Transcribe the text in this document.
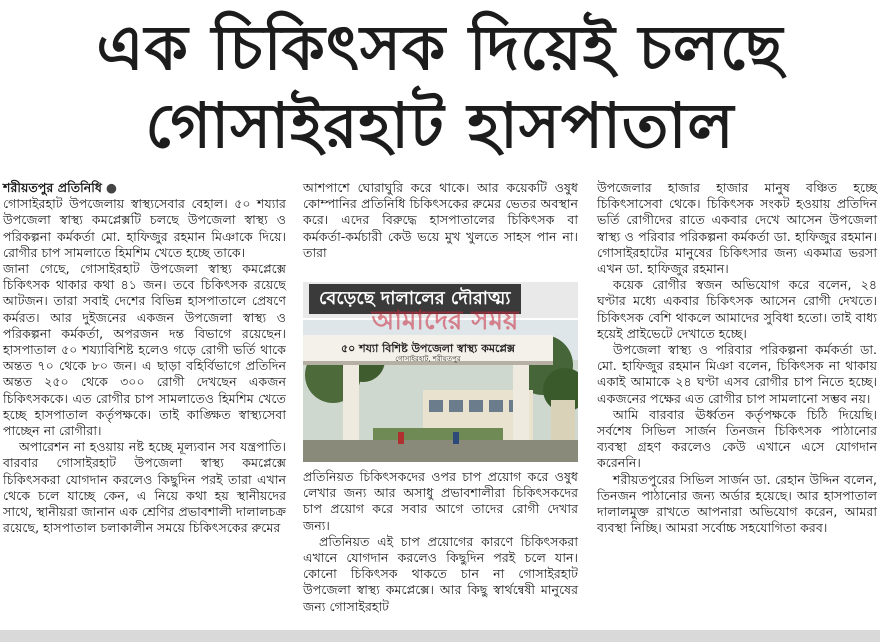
এক চিকিৎসক দিয়েই চলছে
গোসাইরহাট হাসপাতাল

শরীয়তপুর প্রতিনিধি ●

গোসাইরহাট উপজেলায় স্বাস্থ্যসেবার বেহাল। ৫০ শয্যার উপজেলা স্বাস্থ্য কমপ্লেক্সটি চলছে উপজেলা স্বাস্থ্য ও পরিকল্পনা কর্মকর্তা মো. হাফিজুর রহমান মিঞাকে দিয়ে। রোগীর চাপ সামলাতে হিমশিম খেতে হচ্ছে তাকে।

জানা গেছে, গোসাইরহাট উপজেলা স্বাস্থ্য কমপ্লেক্সে চিকিৎসক থাকার কথা ৪১ জন। তবে চিকিৎসক রয়েছে আটজন। তারা সবাই দেশের বিভিন্ন হাসপাতালে প্রেষণে কর্মরত। আর দুইজনের একজন উপজেলা স্বাস্থ্য ও পরিকল্পনা কর্মকর্তা, অপরজন দন্ত বিভাগে রয়েছেন। হাসপাতাল ৫০ শয্যাবিশিষ্ট হলেও গড়ে রোগী ভর্তি থাকে অন্তত ৭০ থেকে ৮০ জন। এ ছাড়া বহির্বিভাগে প্রতিদিন অন্তত ২৫০ থেকে ৩০০ রোগী দেখছেন একজন চিকিৎসককে। এত রোগীর চাপ সামলাতেও হিমশিম খেতে হচ্ছে হাসপাতাল কর্তৃপক্ষকে। তাই কাঙ্ক্ষিত স্বাস্থ্যসেবা পাচ্ছেন না রোগীরা।

অপারেশন না হওয়ায় নষ্ট হচ্ছে মূল্যবান সব যন্ত্রপাতি। বারবার গোসাইরহাট উপজেলা স্বাস্থ্য কমপ্লেক্সে চিকিৎসকরা যোগদান করলেও কিছুদিন পরই তারা এখান থেকে চলে যাচ্ছে কেন, এ নিয়ে কথা হয় স্থানীয়দের সাথে, স্থানীয়রা জানান এক শ্রেণির প্রভাবশালী দালালচক্র রয়েছে, হাসপাতাল চলাকালীন সময়ে চিকিৎসকের রুমের

আশপাশে ঘোরাঘুরি করে থাকে। আর কয়েকটি ওষুধ কোম্পানির প্রতিনিধি চিকিৎসকের রুমের ভেতর অবস্থান করে। এদের বিরুদ্ধে হাসপাতালের চিকিৎসক বা কর্মকর্তা-কর্মচারী কেউ ভয়ে মুখ খুলতে সাহস পান না। তারা

বেড়েছে দালালের দৌরাত্ম্য
৫০ শয্যা বিশিষ্ট উপজেলা স্বাস্থ্য কমপ্লেক্স
গোসাইরহাট, শরীয়তপুর
আমাদের সময়

প্রতিনিয়ত চিকিৎসকদের ওপর চাপ প্রয়োগ করে ওষুধ লেখার জন্য আর অসাধু প্রভাবশালীরা চিকিৎসকদের চাপ প্রয়োগ করে সবার আগে তাদের রোগী দেখার জন্য।

প্রতিনিয়ত এই চাপ প্রয়োগের কারণে চিকিৎসকরা এখানে যোগদান করলেও কিছুদিন পরই চলে যান। কোনো চিকিৎসক থাকতে চান না গোসাইরহাট উপজেলা স্বাস্থ্য কমপ্লেক্সে। আর কিছু স্বার্থন্বেষী মানুষের জন্য গোসাইরহাট

উপজেলার হাজার হাজার মানুষ বঞ্চিত হচ্ছে চিকিৎসাসেবা থেকে। চিকিৎসক সংকট হওয়ায় প্রতিদিন ভর্তি রোগীদের রাতে একবার দেখে আসেন উপজেলা স্বাস্থ্য ও পরিবার পরিকল্পনা কর্মকর্তা ডা. হাফিজুর রহমান। গোসাইরহাটের মানুষের চিকিৎসার জন্য একমাত্র ভরসা এখন ডা. হাফিজুর রহমান।

কয়েক রোগীর স্বজন অভিযোগ করে বলেন, ২৪ ঘণ্টার মধ্যে একবার চিকিৎসক আসেন রোগী দেখতে। চিকিৎসক বেশি থাকলে আমাদের সুবিধা হতো। তাই বাধ্য হয়েই প্রাইভেটে দেখাতে হচ্ছে।

উপজেলা স্বাস্থ্য ও পরিবার পরিকল্পনা কর্মকর্তা ডা. মো. হাফিজুর রহমান মিঞা বলেন, চিকিৎসক না থাকায় একাই আমাকে ২৪ ঘণ্টা এসব রোগীর চাপ নিতে হচ্ছে। একজনের পক্ষের এত রোগীর চাপ সামলানো সম্ভব নয়।

আমি বারবার ঊর্ধ্বতন কর্তৃপক্ষকে চিঠি দিয়েছি। সর্বশেষ সিভিল সার্জন তিনজন চিকিৎসক পাঠানোর ব্যবস্থা গ্রহণ করলেও কেউ এখানে এসে যোগদান করেননি।

শরীয়তপুরের সিভিল সার্জন ডা. রেহান উদ্দিন বলেন, তিনজন পাঠানোর জন্য অর্ডার হয়েছে। আর হাসপাতাল দালালমুক্ত রাখতে আপনারা অভিযোগ করেন, আমরা ব্যবস্থা নিচ্ছি। আমরা সর্বোচ্চ সহযোগিতা করব।
